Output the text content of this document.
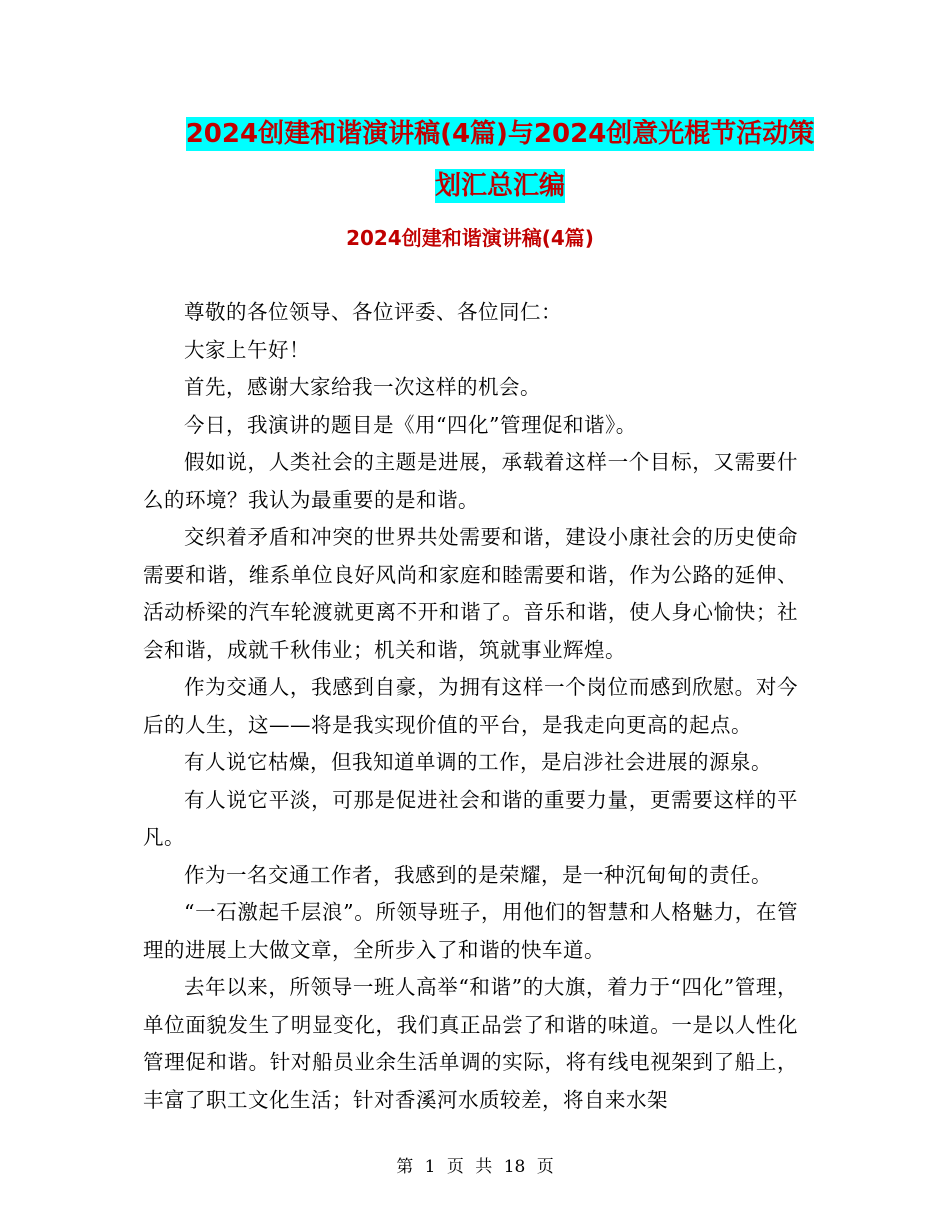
2024创建和谐演讲稿(4篇)与2024创意光棍节活动策
划汇总汇编
2024创建和谐演讲稿(4篇)

尊敬的各位领导、各位评委、各位同仁：

大家上午好！

首先，感谢大家给我一次这样的机会。

今日，我演讲的题目是《用“四化”管理促和谐》。

假如说，人类社会的主题是进展，承载着这样一个目标，又需要什么的环境？我认为最重要的是和谐。

交织着矛盾和冲突的世界共处需要和谐，建设小康社会的历史使命需要和谐，维系单位良好风尚和家庭和睦需要和谐，作为公路的延伸、活动桥梁的汽车轮渡就更离不开和谐了。音乐和谐，使人身心愉快；社会和谐，成就千秋伟业；机关和谐，筑就事业辉煌。

作为交通人，我感到自豪，为拥有这样一个岗位而感到欣慰。对今后的人生，这——将是我实现价值的平台，是我走向更高的起点。

有人说它枯燥，但我知道单调的工作，是启涉社会进展的源泉。

有人说它平淡，可那是促进社会和谐的重要力量，更需要这样的平凡。

作为一名交通工作者，我感到的是荣耀，是一种沉甸甸的责任。

“一石激起千层浪”。所领导班子，用他们的智慧和人格魅力，在管理的进展上大做文章，全所步入了和谐的快车道。

去年以来，所领导一班人高举“和谐”的大旗，着力于“四化”管理，单位面貌发生了明显变化，我们真正品尝了和谐的味道。一是以人性化管理促和谐。针对船员业余生活单调的实际，将有线电视架到了船上，丰富了职工文化生活；针对香溪河水质较差，将自来水架

第 1 页 共 18 页
